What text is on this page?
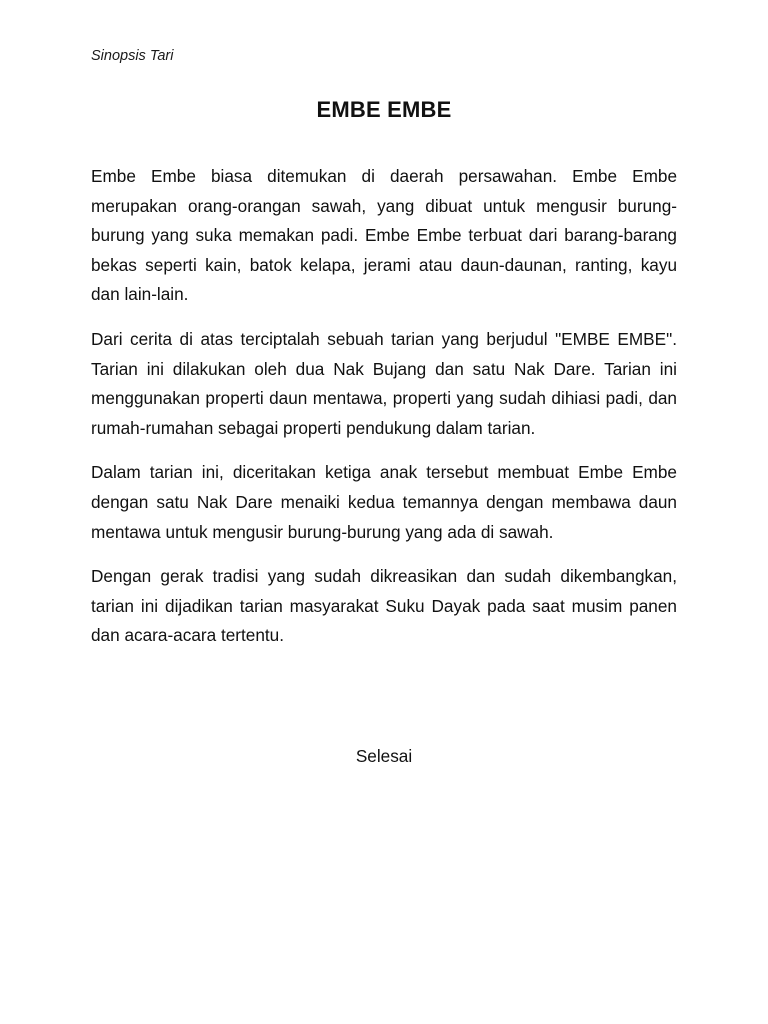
Sinopsis Tari
EMBE EMBE

Embe Embe biasa ditemukan di daerah persawahan. Embe Embe merupakan orang-orangan sawah, yang dibuat untuk mengusir burung-burung yang suka memakan padi. Embe Embe terbuat dari barang-barang bekas seperti kain, batok kelapa, jerami atau daun-daunan, ranting, kayu dan lain-lain.

Dari cerita di atas terciptalah sebuah tarian yang berjudul "EMBE EMBE". Tarian ini dilakukan oleh dua Nak Bujang dan satu Nak Dare. Tarian ini menggunakan properti daun mentawa, properti yang sudah dihiasi padi, dan rumah-rumahan sebagai properti pendukung dalam tarian.

Dalam tarian ini, diceritakan ketiga anak tersebut membuat Embe Embe dengan satu Nak Dare menaiki kedua temannya dengan membawa daun mentawa untuk mengusir burung-burung yang ada di sawah.

Dengan gerak tradisi yang sudah dikreasikan dan sudah dikembangkan, tarian ini dijadikan tarian masyarakat Suku Dayak pada saat musim panen dan acara-acara tertentu.

Selesai
